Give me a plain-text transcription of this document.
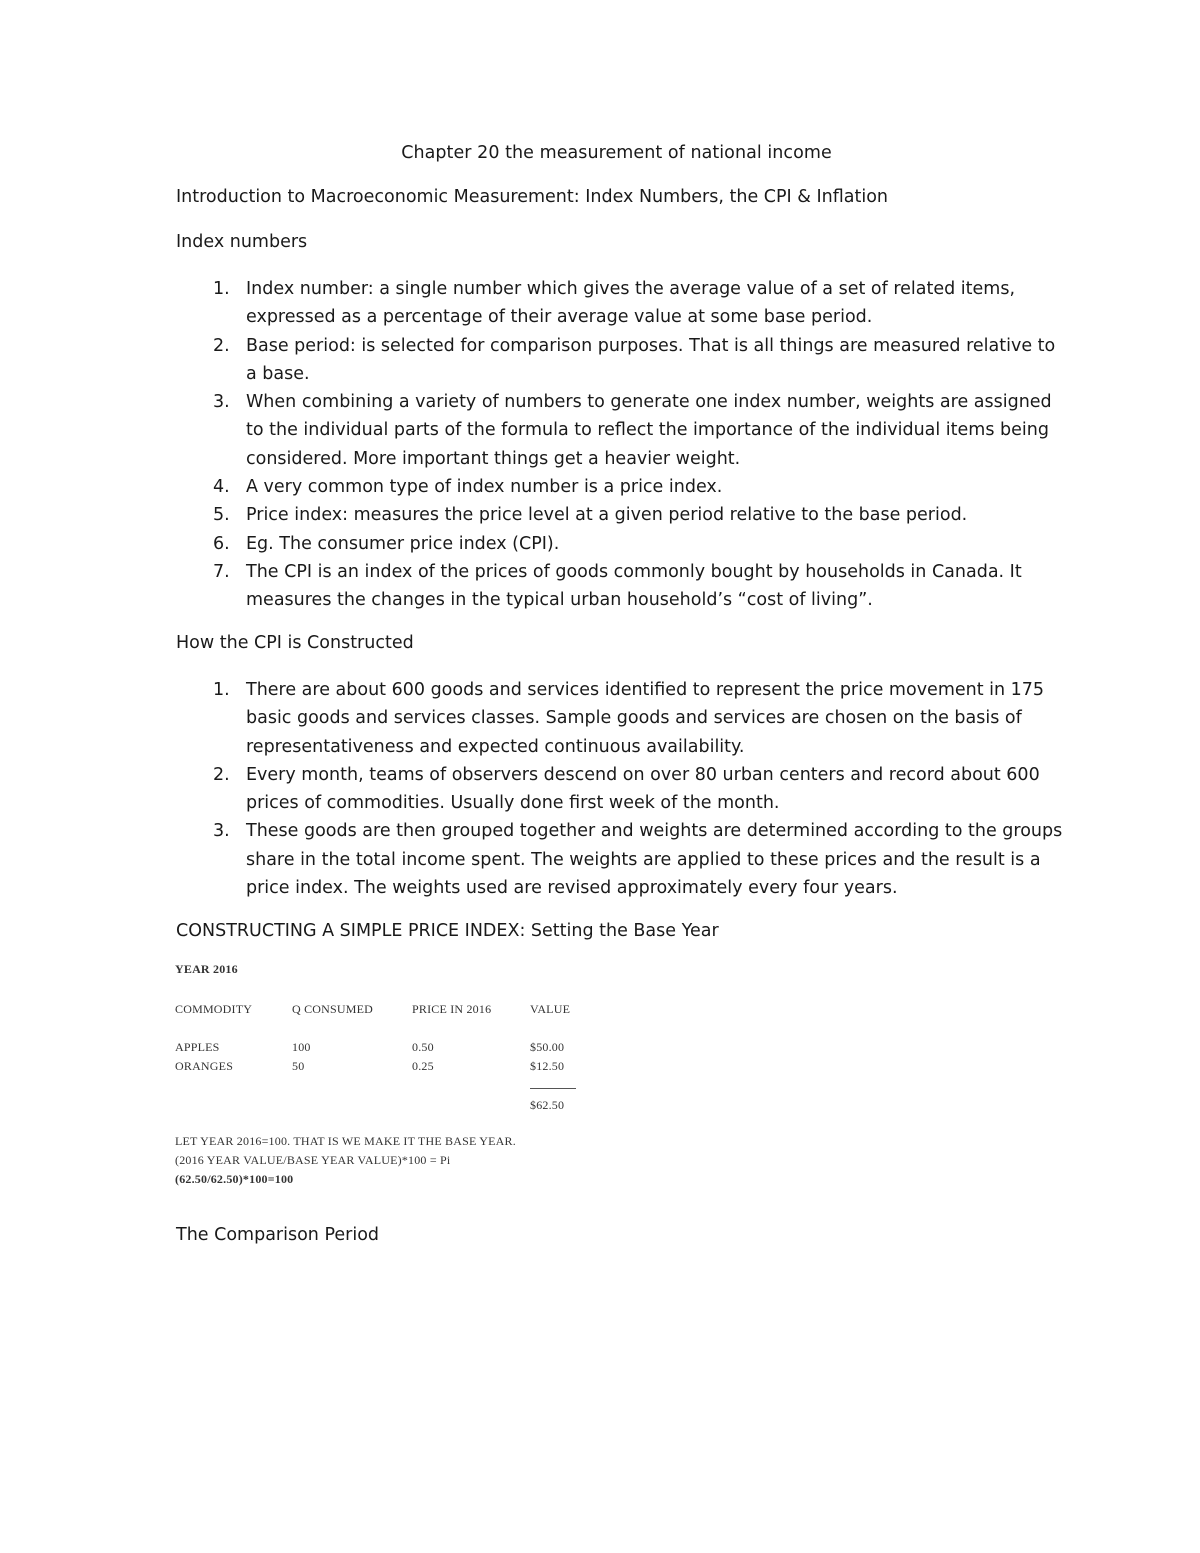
Chapter 20 the measurement of national income
Introduction to Macroeconomic Measurement: Index Numbers, the CPI & Inflation
Index numbers
1. Index number: a single number which gives the average value of a set of related items,
expressed as a percentage of their average value at some base period.
2. Base period: is selected for comparison purposes. That is all things are measured relative to
a base.
3. When combining a variety of numbers to generate one index number, weights are assigned
to the individual parts of the formula to reflect the importance of the individual items being
considered. More important things get a heavier weight.
4. A very common type of index number is a price index.
5. Price index: measures the price level at a given period relative to the base period.
6. Eg. The consumer price index (CPI).
7. The CPI is an index of the prices of goods commonly bought by households in Canada. It
measures the changes in the typical urban household’s “cost of living”.
How the CPI is Constructed
1. There are about 600 goods and services identified to represent the price movement in 175
basic goods and services classes. Sample goods and services are chosen on the basis of
representativeness and expected continuous availability.
2. Every month, teams of observers descend on over 80 urban centers and record about 600
prices of commodities. Usually done first week of the month.
3. These goods are then grouped together and weights are determined according to the groups
share in the total income spent. The weights are applied to these prices and the result is a
price index. The weights used are revised approximately every four years.
CONSTRUCTING A SIMPLE PRICE INDEX: Setting the Base Year
YEAR 2016
COMMODITY	Q CONSUMED	PRICE IN 2016	VALUE
APPLES	100	0.50	$50.00
ORANGES	50	0.25	$12.50
$62.50
LET YEAR 2016=100. THAT IS WE MAKE IT THE BASE YEAR.
(2016 YEAR VALUE/BASE YEAR VALUE)*100 = Pi
(62.50/62.50)*100=100
The Comparison Period
